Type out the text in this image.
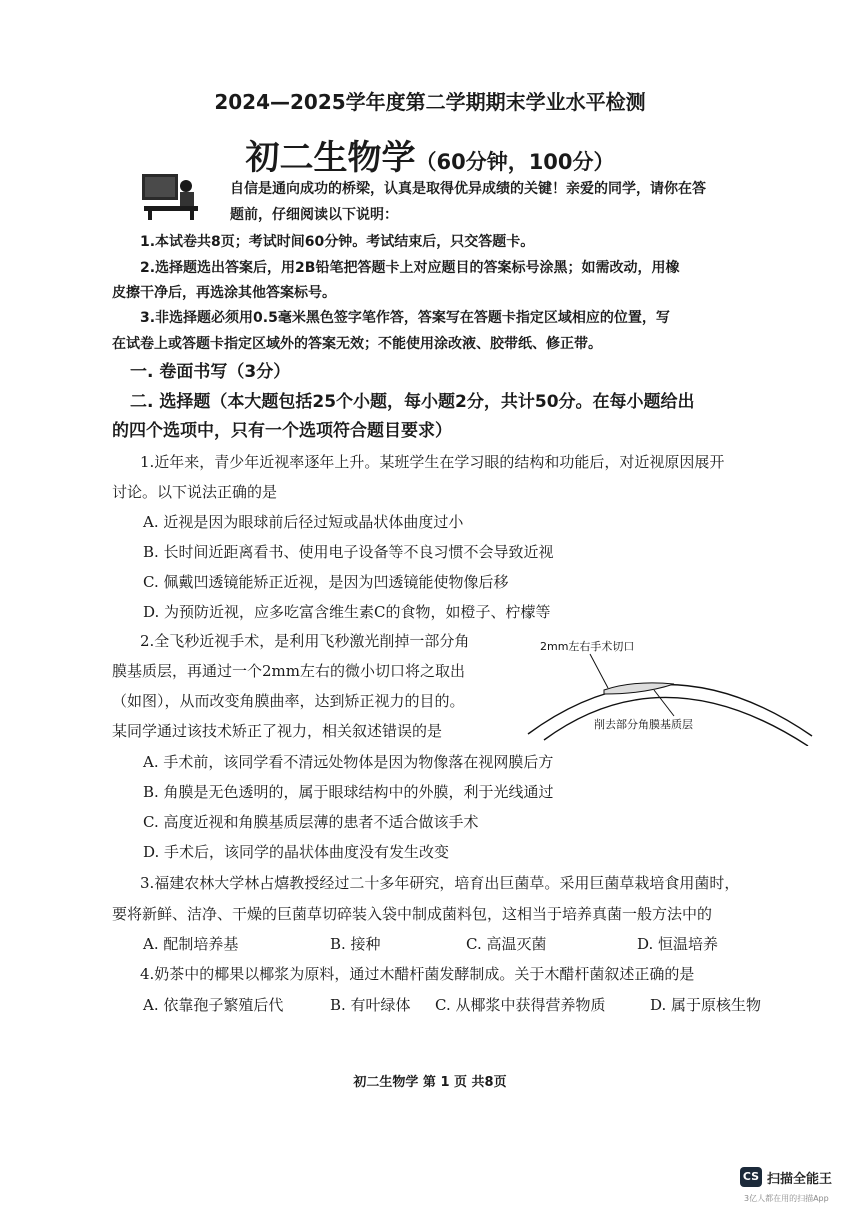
2024—2025学年度第二学期期末学业水平检测
初二生物学（60分钟，100分）
自信是通向成功的桥梁，认真是取得优异成绩的关键！亲爱的同学，请你在答
题前，仔细阅读以下说明：
1.本试卷共8页；考试时间60分钟。考试结束后，只交答题卡。
2.选择题选出答案后，用2B铅笔把答题卡上对应题目的答案标号涂黑；如需改动，用橡
皮擦干净后，再选涂其他答案标号。
3.非选择题必须用0.5毫米黑色签字笔作答，答案写在答题卡指定区域相应的位置，写
在试卷上或答题卡指定区域外的答案无效；不能使用涂改液、胶带纸、修正带。
一. 卷面书写（3分）
二. 选择题（本大题包括25个小题，每小题2分，共计50分。在每小题给出
的四个选项中，只有一个选项符合题目要求）
1.近年来，青少年近视率逐年上升。某班学生在学习眼的结构和功能后，对近视原因展开
讨论。以下说法正确的是
A. 近视是因为眼球前后径过短或晶状体曲度过小
B. 长时间近距离看书、使用电子设备等不良习惯不会导致近视
C. 佩戴凹透镜能矫正近视，是因为凹透镜能使物像后移
D. 为预防近视，应多吃富含维生素C的食物，如橙子、柠檬等
2.全飞秒近视手术，是利用飞秒激光削掉一部分角
膜基质层，再通过一个2mm左右的微小切口将之取出
（如图），从而改变角膜曲率，达到矫正视力的目的。
某同学通过该技术矫正了视力，相关叙述错误的是
2mm左右手术切口
削去部分角膜基质层
A. 手术前，该同学看不清远处物体是因为物像落在视网膜后方
B. 角膜是无色透明的，属于眼球结构中的外膜，利于光线通过
C. 高度近视和角膜基质层薄的患者不适合做该手术
D. 手术后，该同学的晶状体曲度没有发生改变
3.福建农林大学林占熺教授经过二十多年研究，培育出巨菌草。采用巨菌草栽培食用菌时，
要将新鲜、洁净、干燥的巨菌草切碎装入袋中制成菌料包，这相当于培养真菌一般方法中的
A. 配制培养基	B. 接种	C. 高温灭菌	D. 恒温培养
4.奶茶中的椰果以椰浆为原料，通过木醋杆菌发酵制成。关于木醋杆菌叙述正确的是
A. 依靠孢子繁殖后代	B. 有叶绿体 C. 从椰浆中获得营养物质	D. 属于原核生物
初二生物学 第 1 页 共8页
CS 扫描全能王
3亿人都在用的扫描App
